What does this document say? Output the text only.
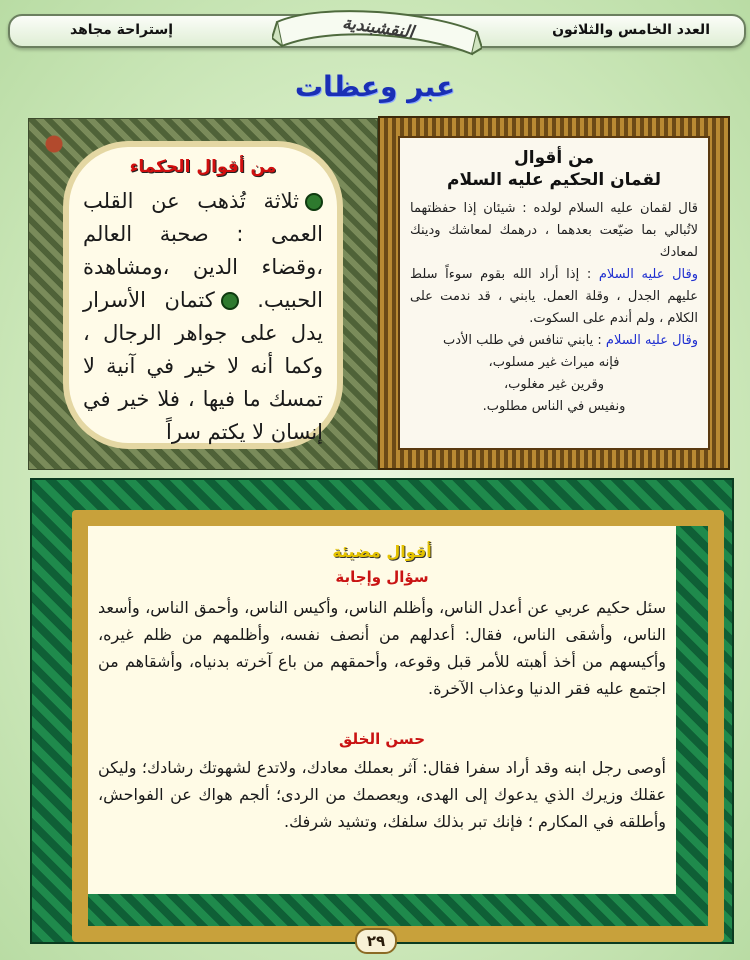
العدد الخامس والثلاثون
إستراحة مجاهد	النقشبندية
عبر وعظات
من أقوال الحكماء
ثلاثة تُذهب عن القلب العمى : صحبة العالم ،وقضاء الدين ،ومشاهدة الحبيب. كتمان الأسرار يدل على جواهر الرجال ، وكما أنه لا خير في آنية لا تمسك ما فيها ، فلا خير في إنسان لا يكتم سراً
من أقوال
لقمان الحكيم عليه السلام
قال لقمان عليه السلام لولده : شيئان إذا حفظتهما لاتُبالي بما ضيّعت بعدهما ، درهمك لمعاشك ودينك لمعادك
وقال عليه السلام : إذا أراد الله بقوم سوءاً سلط عليهم الجدل ، وقلة العمل. يابني ، قد ندمت على الكلام ، ولم أندم على السكوت.
وقال عليه السلام : يابني تنافس في طلب الأدب
فإنه ميراث غير مسلوب،
وقرين غير مغلوب،
ونفيس في الناس مطلوب.
أقوال مضيئة
سؤال وإجابة
سئل حكيم عربي عن أعدل الناس، وأظلم الناس، وأكيس الناس، وأحمق الناس، وأسعد الناس، وأشقى الناس، فقال: أعدلهم من أنصف نفسه، وأظلمهم من ظلم غيره، وأكيسهم من أخذ أهبته للأمر قبل وقوعه، وأحمقهم من باع آخرته بدنياه، وأشقاهم من اجتمع عليه فقر الدنيا وعذاب الآخرة.
حسن الخلق
أوصى رجل ابنه وقد أراد سفرا فقال: آثر بعملك معادك، ولاتدع لشهوتك رشادك؛ وليكن عقلك وزيرك الذي يدعوك إلى الهدى، ويعصمك من الردى؛ ألجم هواك عن الفواحش، وأطلقه في المكارم ؛ فإنك تبر بذلك سلفك، وتشيد شرفك.
٢٩
